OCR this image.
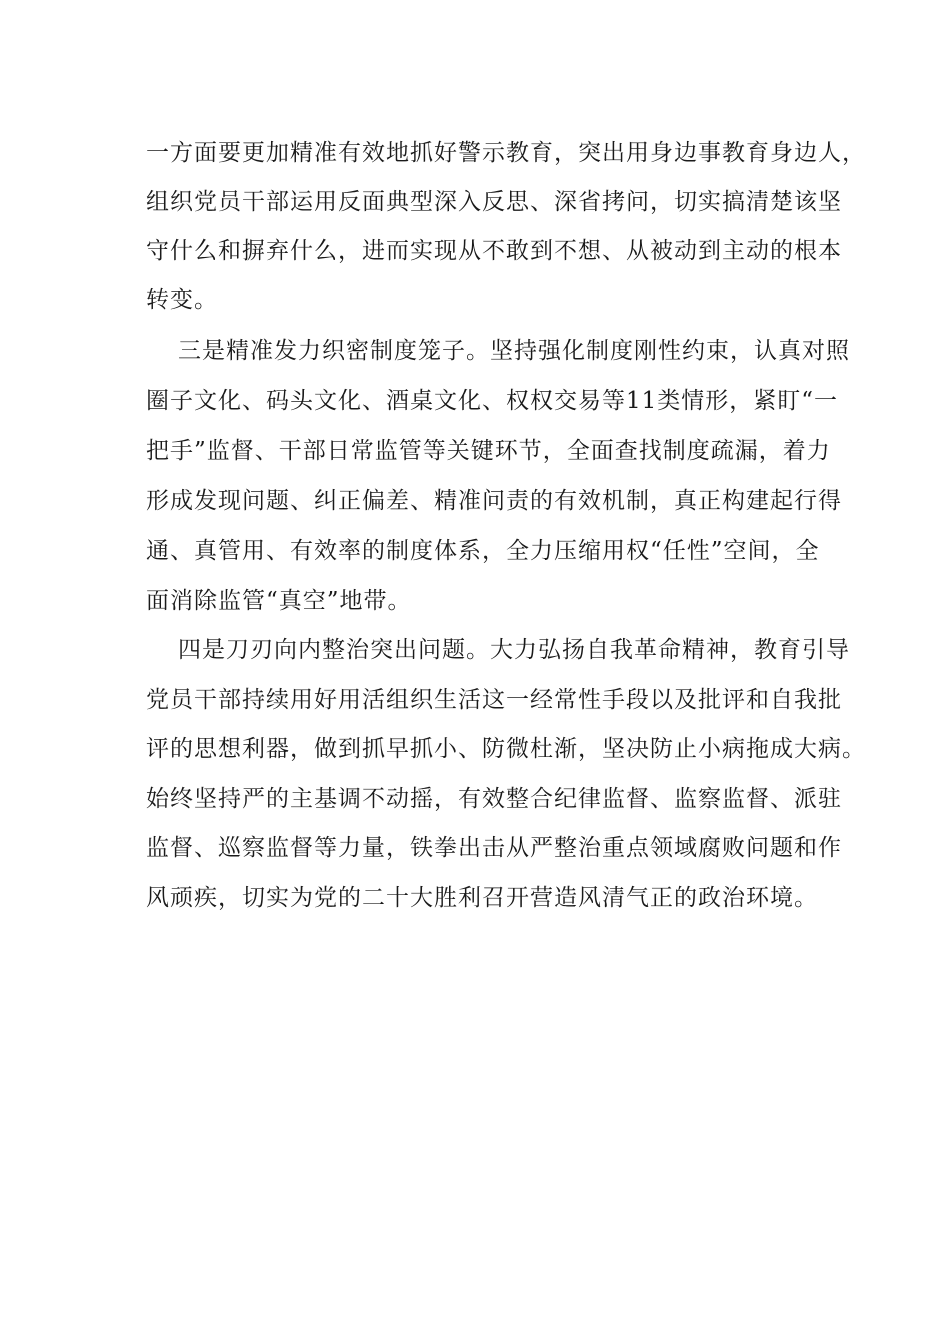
一方面要更加精准有效地抓好警示教育，突出用身边事教育身边人，
组织党员干部运用反面典型深入反思、深省拷问，切实搞清楚该坚
守什么和摒弃什么，进而实现从不敢到不想、从被动到主动的根本
转变。
三是精准发力织密制度笼子。坚持强化制度刚性约束，认真对照
圈子文化、码头文化、酒桌文化、权权交易等11类情形，紧盯“一
把手”监督、干部日常监管等关键环节，全面查找制度疏漏，着力
形成发现问题、纠正偏差、精准问责的有效机制，真正构建起行得
通、真管用、有效率的制度体系，全力压缩用权“任性”空间，全
面消除监管“真空”地带。
四是刀刃向内整治突出问题。大力弘扬自我革命精神，教育引导
党员干部持续用好用活组织生活这一经常性手段以及批评和自我批
评的思想利器，做到抓早抓小、防微杜渐，坚决防止小病拖成大病。
始终坚持严的主基调不动摇，有效整合纪律监督、监察监督、派驻
监督、巡察监督等力量，铁拳出击从严整治重点领域腐败问题和作
风顽疾，切实为党的二十大胜利召开营造风清气正的政治环境。
